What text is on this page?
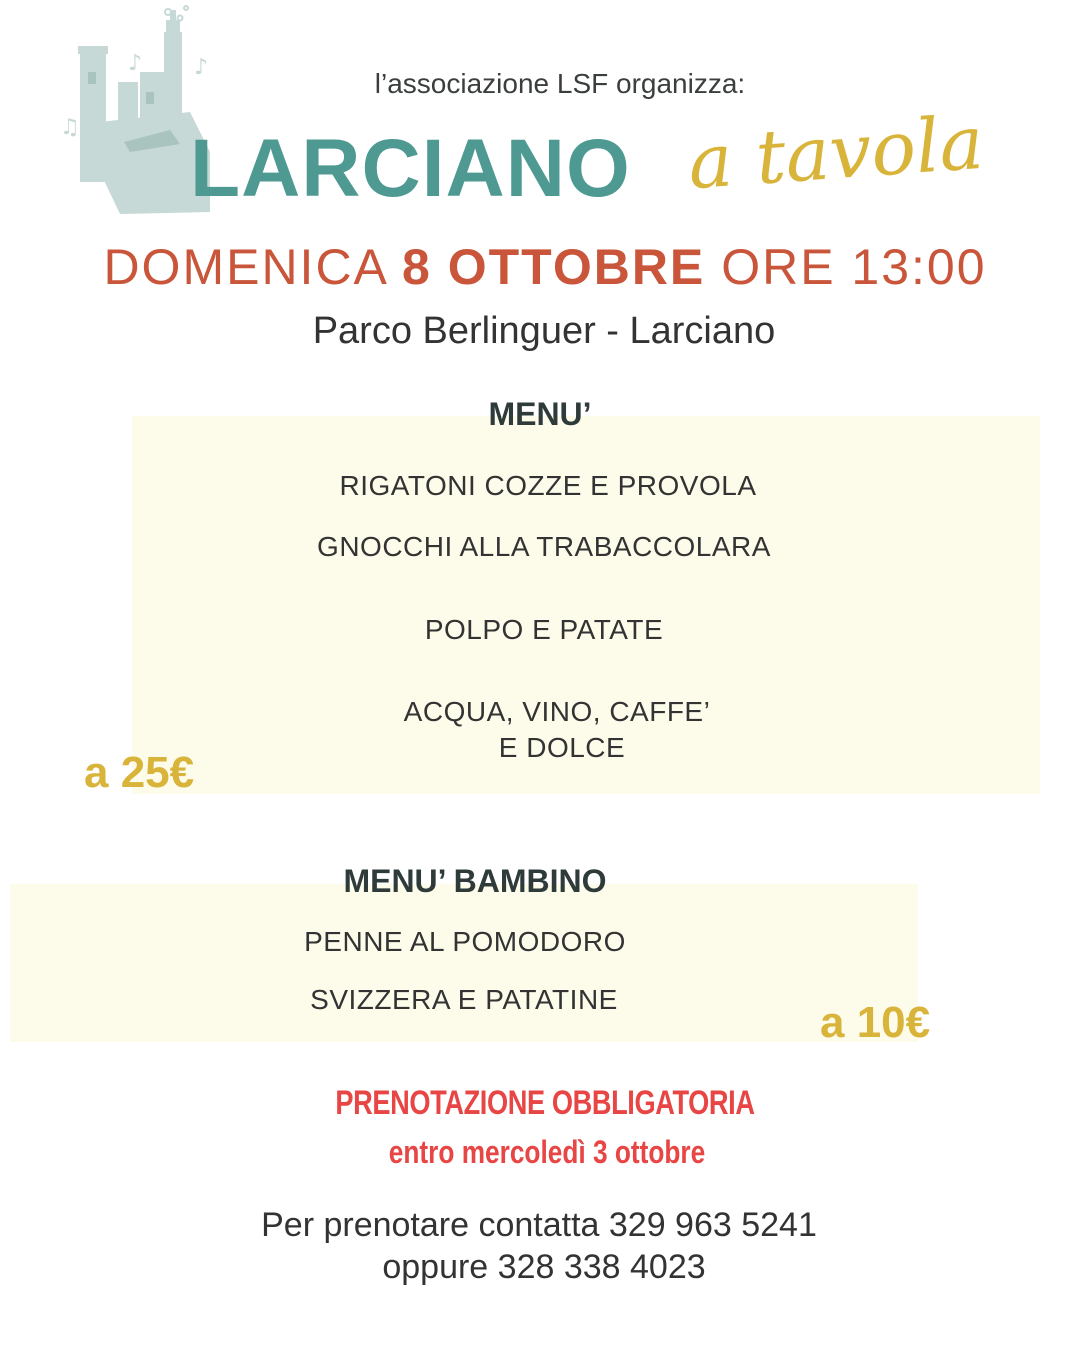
♪ ♪
♫
l’associazione LSF organizza:
LARCIANO a tavola
DOMENICA 8 OTTOBRE ORE 13:00
Parco Berlinguer - Larciano
MENU’
RIGATONI COZZE E PROVOLA
GNOCCHI ALLA TRABACCOLARA
POLPO E PATATE
ACQUA, VINO, CAFFE’
E DOLCE
a 25€
MENU’ BAMBINO
PENNE AL POMODORO
SVIZZERA E PATATINE	a 10€
PRENOTAZIONE OBBLIGATORIA
entro mercoledì 3 ottobre
Per prenotare contatta 329 963 5241
oppure 328 338 4023
